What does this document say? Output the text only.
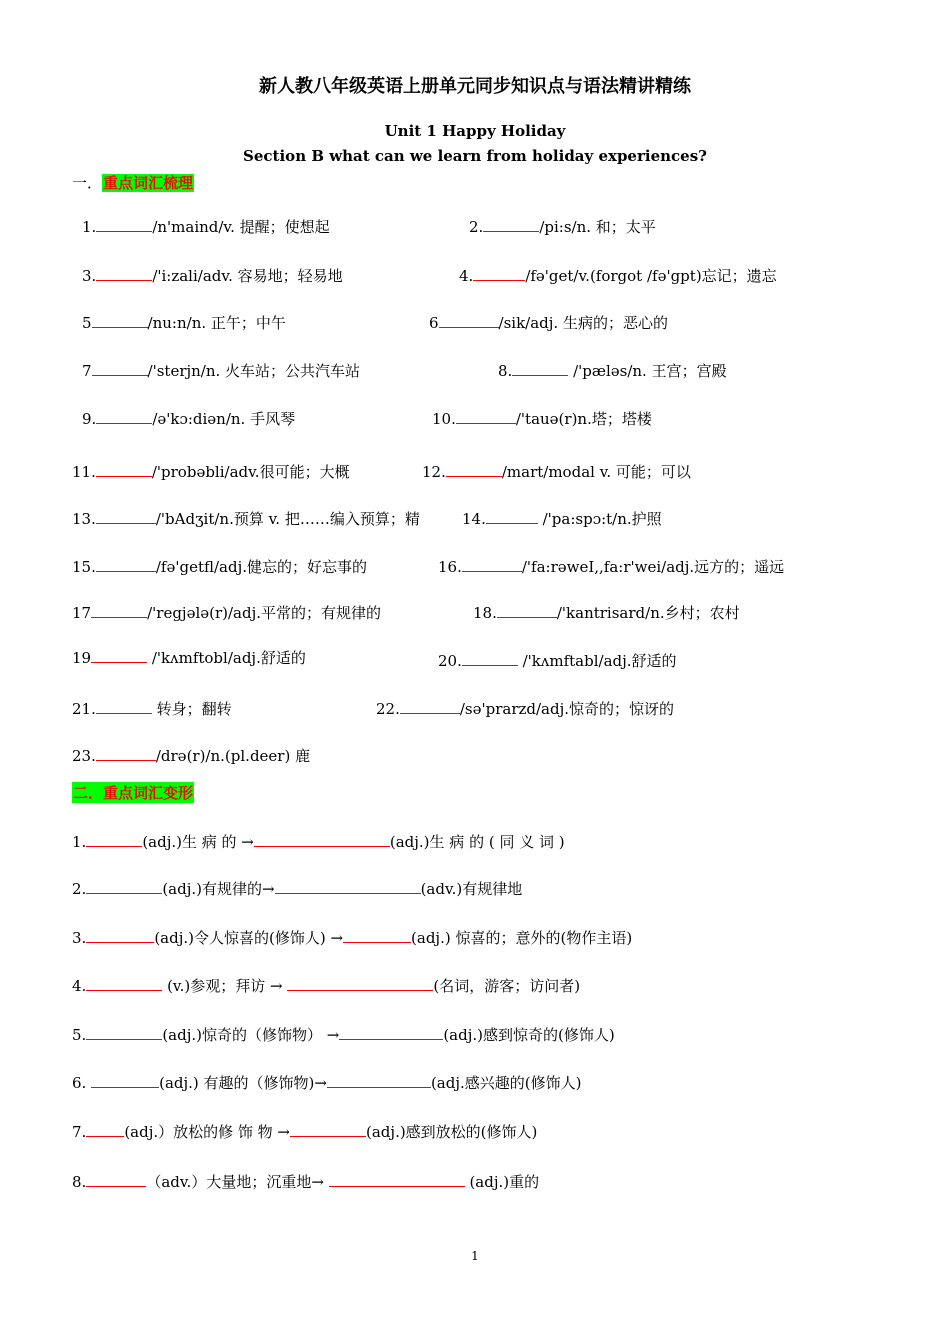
新人教八年级英语上册单元同步知识点与语法精讲精练
Unit 1 Happy Holiday
Section B what can we learn from holiday experiences?
一．重点词汇梳理
1.	/n'maind/v. 提醒；使想起	2.	/pi:s/n. 和；太平
3.	/'i:zali/adv. 容易地；轻易地	4.	/fə'get/v.(forgot /fə'gpt)忘记；遗忘
5	/nu:n/n. 正午；中午	6	/sik/adj. 生病的；恶心的
7	/'sterjn/n. 火车站；公共汽车站	8.	/'pæləs/n. 王宫；宫殿
9.	/ə'kɔ:diən/n. 手风琴	10.	/'tauə(r)n.塔；塔楼
11.	/'probəbli/adv.很可能；大概	12.	/mart/modal v. 可能；可以
13.	/'bAdʒit/n.预算 v. 把……编入预算；精	14.	/'pa:spɔ:t/n.护照
15.	/fə'getfl/adj.健忘的；好忘事的	16.	/'fa:rəweI,,fa:r'wei/adj.远方的；遥远
17	/'regjələ(r)/adj.平常的；有规律的	18.	/'kantrisard/n.乡村；农村
19	/'kʌmftobl/adj.舒适的	20.	/'kʌmftabl/adj.舒适的
21.	转身；翻转	22.	/sə'prarzd/adj.惊奇的；惊讶的
23.	/drə(r)/n.(pl.deer) 鹿
二．重点词汇变形
1.	(adj.)生 病 的 →	(adj.)生 病 的 ( 同 义 词 )
2.	(adj.)有规律的→	(adv.)有规律地
3.	(adj.)令人惊喜的(修饰人) →	(adj.) 惊喜的；意外的(物作主语)
4.	(v.)参观；拜访 →	(名词，游客；访问者)
5.	(adj.)惊奇的（修饰物） →	(adj.)感到惊奇的(修饰人)
6.	(adj.) 有趣的（修饰物)→	(adj.感兴趣的(修饰人)
7.	(adj.）放松的修 饰 物 →	(adj.)感到放松的(修饰人)
8.	（adv.）大量地；沉重地→	(adj.)重的
1
